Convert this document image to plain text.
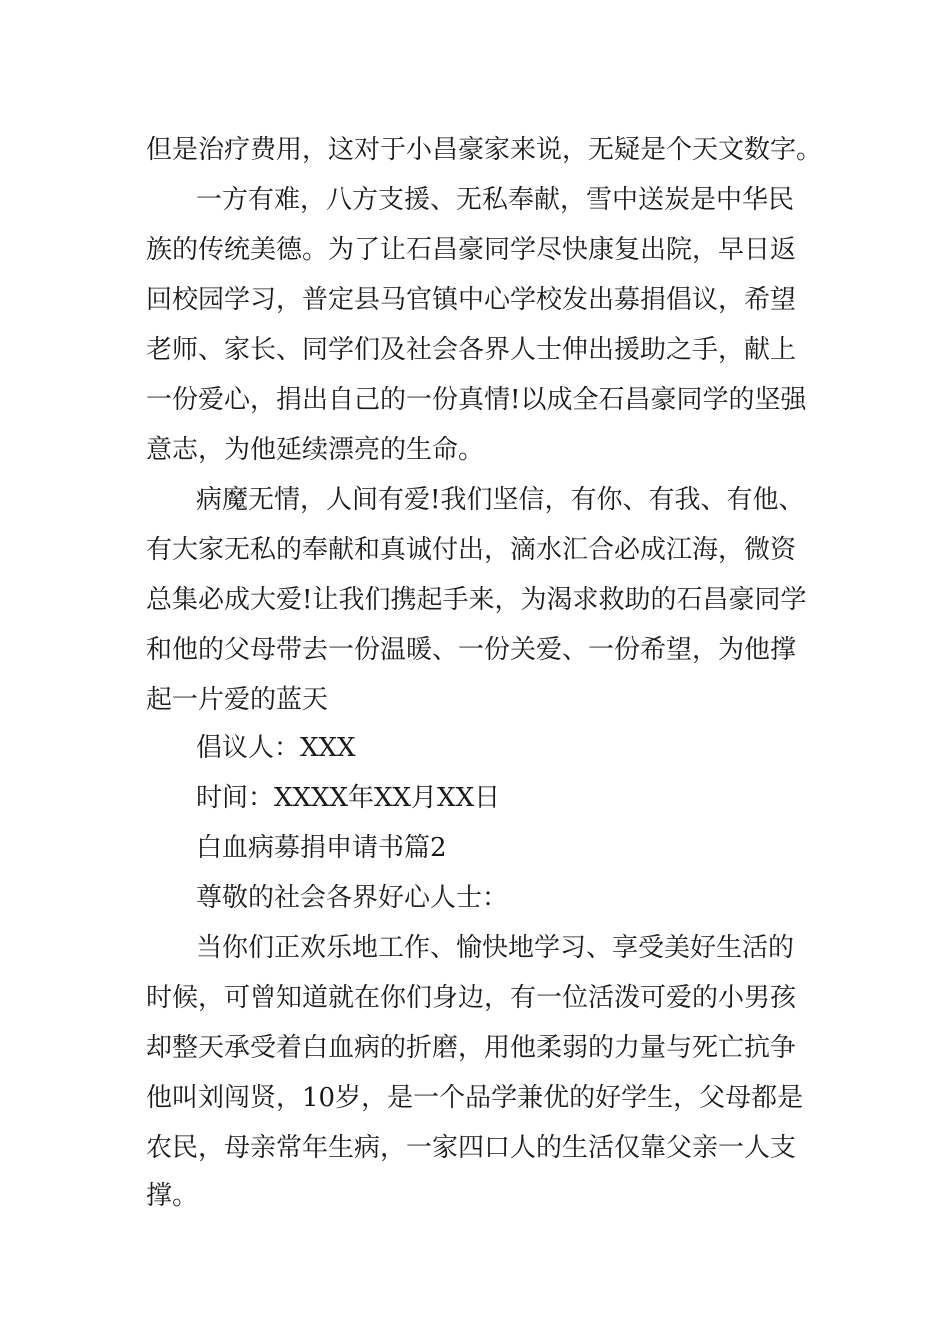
但是治疗费用，这对于小昌豪家来说，无疑是个天文数字。
一方有难，八方支援、无私奉献，雪中送炭是中华民
族的传统美德。为了让石昌豪同学尽快康复出院，早日返
回校园学习，普定县马官镇中心学校发出募捐倡议，希望
老师、家长、同学们及社会各界人士伸出援助之手，献上
一份爱心，捐出自己的一份真情!以成全石昌豪同学的坚强
意志，为他延续漂亮的生命。
病魔无情，人间有爱!我们坚信，有你、有我、有他、
有大家无私的奉献和真诚付出，滴水汇合必成江海，微资
总集必成大爱!让我们携起手来，为渴求救助的石昌豪同学
和他的父母带去一份温暖、一份关爱、一份希望，为他撑
起一片爱的蓝天
倡议人：XXX
时间：XXXX年XX月XX日
白血病募捐申请书篇2
尊敬的社会各界好心人士：
当你们正欢乐地工作、愉快地学习、享受美好生活的
时候，可曾知道就在你们身边，有一位活泼可爱的小男孩
却整天承受着白血病的折磨，用他柔弱的力量与死亡抗争
他叫刘闯贤，10岁，是一个品学兼优的好学生，父母都是
农民，母亲常年生病，一家四口人的生活仅靠父亲一人支
撑。
